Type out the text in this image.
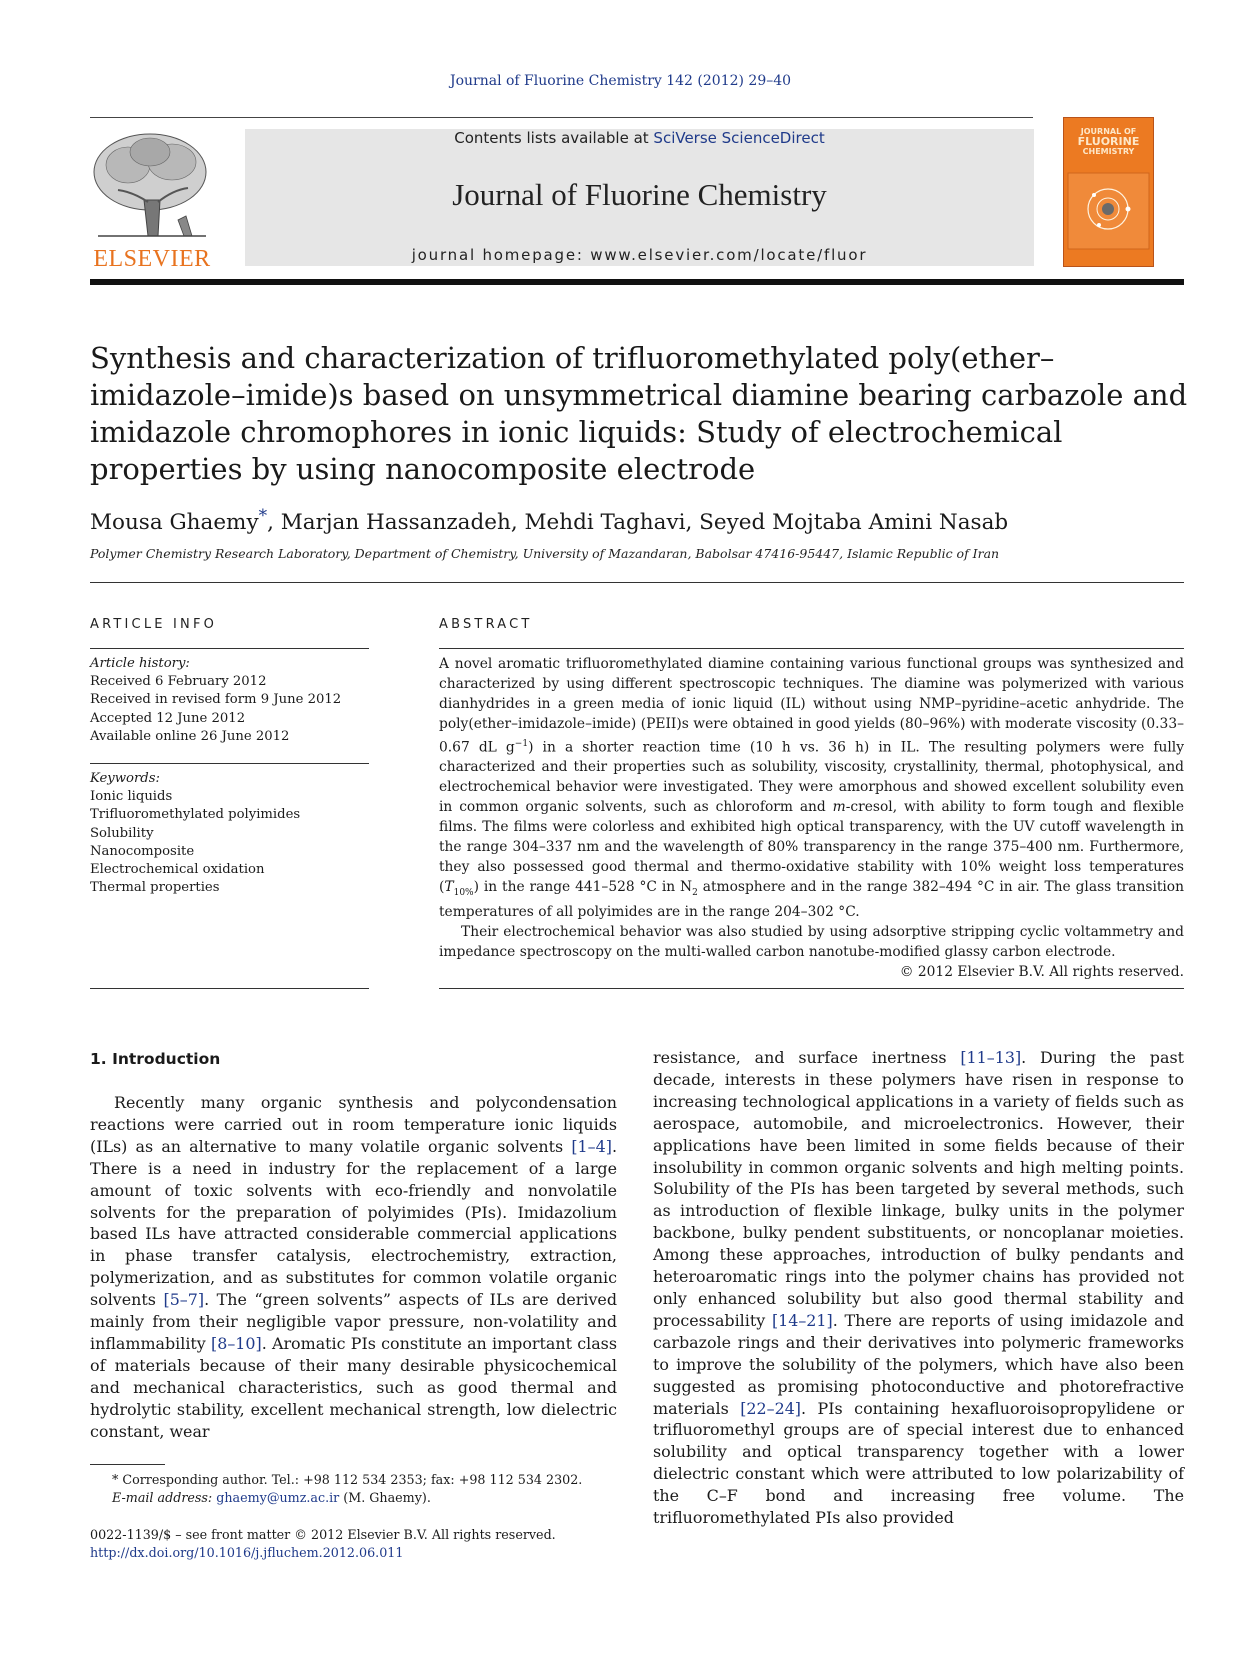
Journal of Fluorine Chemistry 142 (2012) 29–40
ELSEVIER
Contents lists available at SciVerse ScienceDirect
Journal of Fluorine Chemistry
journal homepage: www.elsevier.com/locate/fluor
JOURNAL OF
FLUORINE
CHEMISTRY
Synthesis and characterization of trifluoromethylated poly(ether–imidazole–imide)s based on unsymmetrical diamine bearing carbazole and imidazole chromophores in ionic liquids: Study of electrochemical properties by using nanocomposite electrode
Mousa Ghaemy*, Marjan Hassanzadeh, Mehdi Taghavi, Seyed Mojtaba Amini Nasab
Polymer Chemistry Research Laboratory, Department of Chemistry, University of Mazandaran, Babolsar 47416-95447, Islamic Republic of Iran
ARTICLE INFO	ABSTRACT
Article history:
Received 6 February 2012
Received in revised form 9 June 2012
Accepted 12 June 2012
Available online 26 June 2012
Keywords:
Ionic liquids
Trifluoromethylated polyimides
Solubility
Nanocomposite
Electrochemical oxidation
Thermal properties

A novel aromatic trifluoromethylated diamine containing various functional groups was synthesized and characterized by using different spectroscopic techniques. The diamine was polymerized with various dianhydrides in a green media of ionic liquid (IL) without using NMP–pyridine–acetic anhydride. The poly(ether–imidazole–imide) (PEII)s were obtained in good yields (80–96%) with moderate viscosity (0.33–0.67 dL $g^{-1}$) in a shorter reaction time (10 h vs. 36 h) in IL. The resulting polymers were fully characterized and their properties such as solubility, viscosity, crystallinity, thermal, photophysical, and electrochemical behavior were investigated. They were amorphous and showed excellent solubility even in common organic solvents, such as chloroform and m-cresol, with ability to form tough and flexible films. The films were colorless and exhibited high optical transparency, with the UV cutoff wavelength in the range 304–337 nm and the wavelength of 80% transparency in the range 375–400 nm. Furthermore, they also possessed good thermal and thermo-oxidative stability with 10% weight loss temperatures $(T_{10\%})$ in the range 441–528 °C in $N_2$ atmosphere and in the range 382–494 °C in air. The glass transition temperatures of all polyimides are in the range 204–302 °C.

Their electrochemical behavior was also studied by using adsorptive stripping cyclic voltammetry and impedance spectroscopy on the multi-walled carbon nanotube-modified glassy carbon electrode.

© 2012 Elsevier B.V. All rights reserved.

1. Introduction

Recently many organic synthesis and polycondensation reactions were carried out in room temperature ionic liquids (ILs) as an alternative to many volatile organic solvents [1–4]. There is a need in industry for the replacement of a large amount of toxic solvents with eco-friendly and nonvolatile solvents for the preparation of polyimides (PIs). Imidazolium based ILs have attracted considerable commercial applications in phase transfer catalysis, electrochemistry, extraction, polymerization, and as substitutes for common volatile organic solvents [5–7]. The “green solvents” aspects of ILs are derived mainly from their negligible vapor pressure, non-volatility and inflammability [8–10]. Aromatic PIs constitute an important class of materials because of their many desirable physicochemical and mechanical characteristics, such as good thermal and hydrolytic stability, excellent mechanical strength, low dielectric constant, wear

resistance, and surface inertness [11–13]. During the past decade, interests in these polymers have risen in response to increasing technological applications in a variety of fields such as aerospace, automobile, and microelectronics. However, their applications have been limited in some fields because of their insolubility in common organic solvents and high melting points. Solubility of the PIs has been targeted by several methods, such as introduction of flexible linkage, bulky units in the polymer backbone, bulky pendent substituents, or noncoplanar moieties. Among these approaches, introduction of bulky pendants and heteroaromatic rings into the polymer chains has provided not only enhanced solubility but also good thermal stability and processability [14–21]. There are reports of using imidazole and carbazole rings and their derivatives into polymeric frameworks to improve the solubility of the polymers, which have also been suggested as promising photoconductive and photorefractive materials [22–24]. PIs containing hexafluoroisopropylidene or trifluoromethyl groups are of special interest due to enhanced solubility and optical transparency together with a lower dielectric constant which were attributed to low polarizability of the C–F bond and increasing free volume. The trifluoromethylated PIs also provided

* Corresponding author. Tel.: +98 112 534 2353; fax: +98 112 534 2302.
E-mail address: ghaemy@umz.ac.ir (M. Ghaemy).
0022-1139/$ – see front matter © 2012 Elsevier B.V. All rights reserved.
http://dx.doi.org/10.1016/j.jfluchem.2012.06.011
